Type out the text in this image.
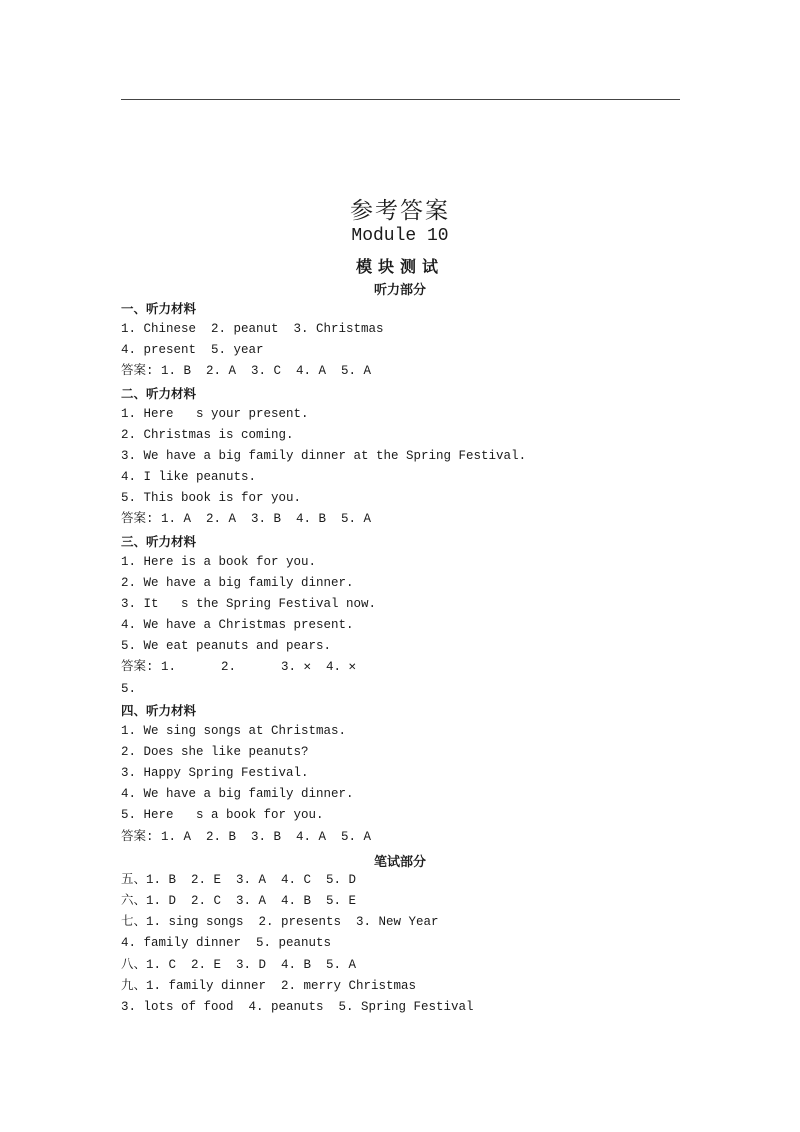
参考答案
Module 10
模块测试
听力部分
一、听力材料
1. Chinese  2. peanut  3. Christmas
4. present  5. year
答案: 1. B  2. A  3. C  4. A  5. A
二、听力材料
1. Here   s your present.
2. Christmas is coming.
3. We have a big family dinner at the Spring Festival.
4. I like peanuts.
5. This book is for you.
答案: 1. A  2. A  3. B  4. B  5. A
三、听力材料
1. Here is a book for you.
2. We have a big family dinner.
3. It   s the Spring Festival now.
4. We have a Christmas present.
5. We eat peanuts and pears.
答案: 1.      2.      3. ✕  4. ✕
5.
四、听力材料
1. We sing songs at Christmas.
2. Does she like peanuts?
3. Happy Spring Festival.
4. We have a big family dinner.
5. Here   s a book for you.
答案: 1. A  2. B  3. B  4. A  5. A
笔试部分
五、1. B  2. E  3. A  4. C  5. D
六、1. D  2. C  3. A  4. B  5. E
七、1. sing songs  2. presents  3. New Year
4. family dinner  5. peanuts
八、1. C  2. E  3. D  4. B  5. A
九、1. family dinner  2. merry Christmas
3. lots of food  4. peanuts  5. Spring Festival
